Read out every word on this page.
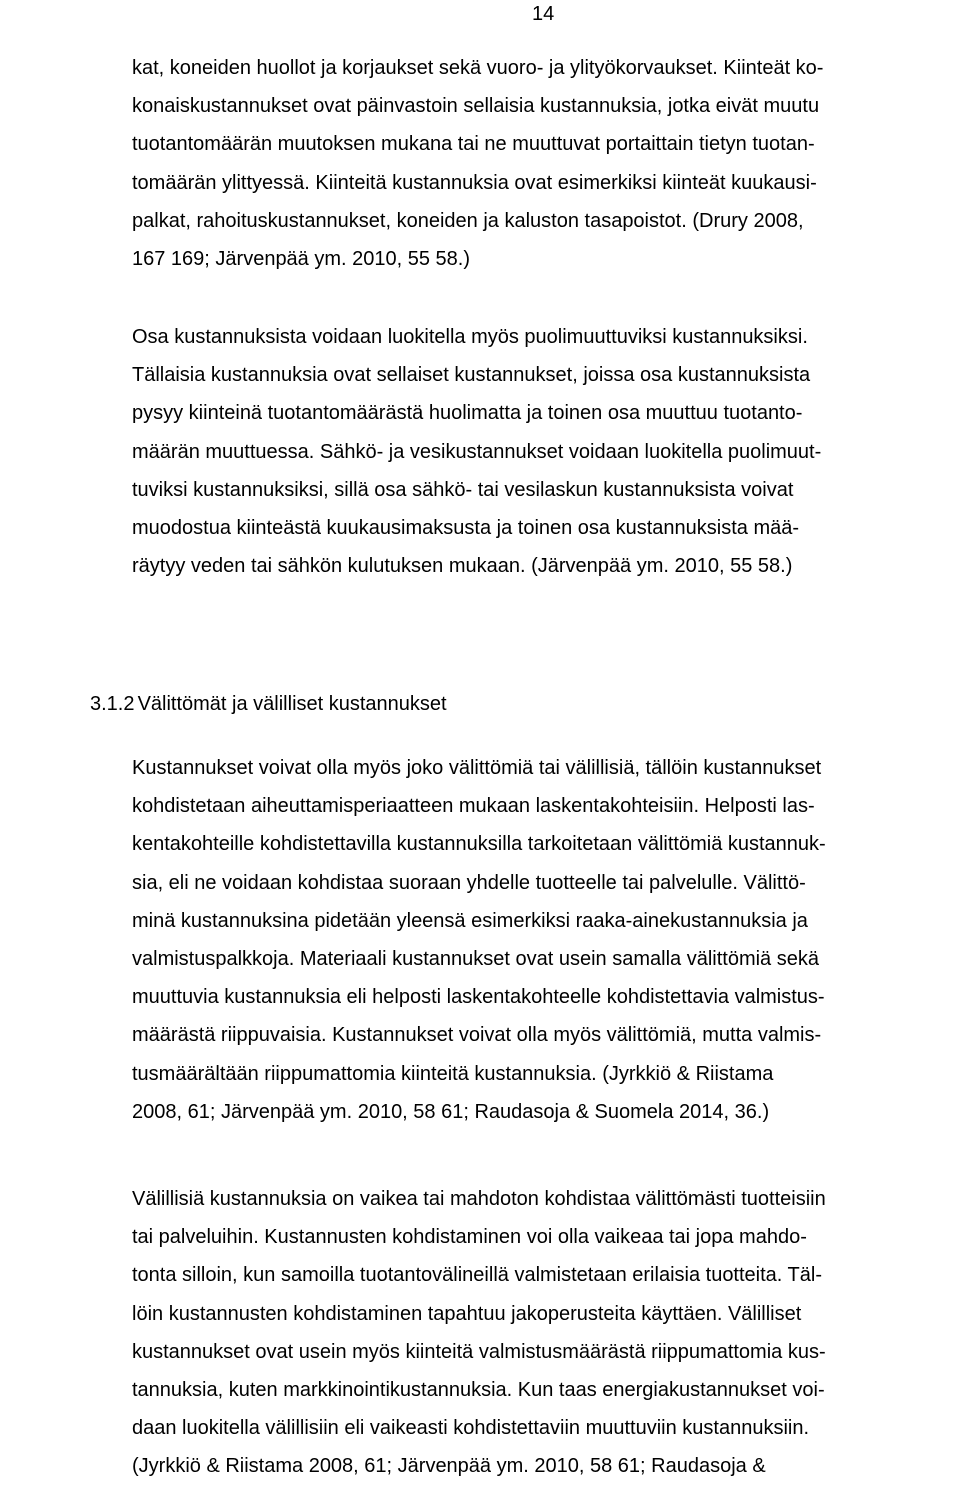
14
kat, koneiden huollot ja korjaukset sekä vuoro- ja ylityökorvaukset. Kiinteät ko-
konaiskustannukset ovat päinvastoin sellaisia kustannuksia, jotka eivät muutu
tuotantomäärän muutoksen mukana tai ne muuttuvat portaittain tietyn tuotan-
tomäärän ylittyessä. Kiinteitä kustannuksia ovat esimerkiksi kiinteät kuukausi-
palkat, rahoituskustannukset, koneiden ja kaluston tasapoistot. (Drury 2008,
167 169; Järvenpää ym. 2010, 55 58.)
Osa kustannuksista voidaan luokitella myös puolimuuttuviksi kustannuksiksi.
Tällaisia kustannuksia ovat sellaiset kustannukset, joissa osa kustannuksista
pysyy kiinteinä tuotantomäärästä huolimatta ja toinen osa muuttuu tuotanto-
määrän muuttuessa. Sähkö- ja vesikustannukset voidaan luokitella puolimuut-
tuviksi kustannuksiksi, sillä osa sähkö- tai vesilaskun kustannuksista voivat
muodostua kiinteästä kuukausimaksusta ja toinen osa kustannuksista mää-
räytyy veden tai sähkön kulutuksen mukaan. (Järvenpää ym. 2010, 55 58.)
3.1.2 Välittömät ja välilliset kustannukset
Kustannukset voivat olla myös joko välittömiä tai välillisiä, tällöin kustannukset
kohdistetaan aiheuttamisperiaatteen mukaan laskentakohteisiin. Helposti las-
kentakohteille kohdistettavilla kustannuksilla tarkoitetaan välittömiä kustannuk-
sia, eli ne voidaan kohdistaa suoraan yhdelle tuotteelle tai palvelulle. Välittö-
minä kustannuksina pidetään yleensä esimerkiksi raaka-ainekustannuksia ja
valmistuspalkkoja. Materiaali kustannukset ovat usein samalla välittömiä sekä
muuttuvia kustannuksia eli helposti laskentakohteelle kohdistettavia valmistus-
määrästä riippuvaisia. Kustannukset voivat olla myös välittömiä, mutta valmis-
tusmäärältään riippumattomia kiinteitä kustannuksia. (Jyrkkiö & Riistama
2008, 61; Järvenpää ym. 2010, 58 61; Raudasoja & Suomela 2014, 36.)
Välillisiä kustannuksia on vaikea tai mahdoton kohdistaa välittömästi tuotteisiin
tai palveluihin. Kustannusten kohdistaminen voi olla vaikeaa tai jopa mahdo-
tonta silloin, kun samoilla tuotantovälineillä valmistetaan erilaisia tuotteita. Täl-
löin kustannusten kohdistaminen tapahtuu jakoperusteita käyttäen. Välilliset
kustannukset ovat usein myös kiinteitä valmistusmäärästä riippumattomia kus-
tannuksia, kuten markkinointikustannuksia. Kun taas energiakustannukset voi-
daan luokitella välillisiin eli vaikeasti kohdistettaviin muuttuviin kustannuksiin.
(Jyrkkiö & Riistama 2008, 61; Järvenpää ym. 2010, 58 61; Raudasoja &
